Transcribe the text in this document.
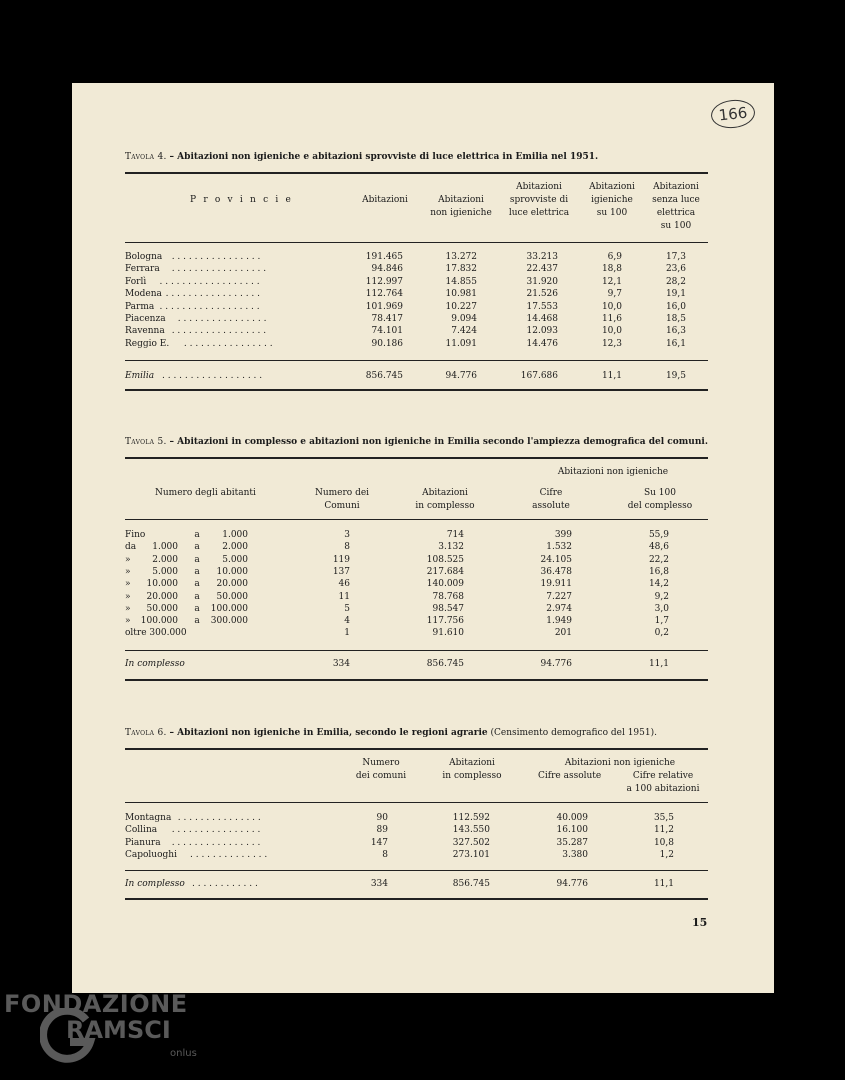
166
Tavola 4. – Abitazioni non igieniche e abitazioni sprovviste di luce elettrica in Emilia nel 1951.
P r o v i n c i e	Abitazioni	Abitazioni
non igieniche
Abitazioni
sprovviste di
luce elettrica
Abitazioni
igieniche
su 100
Abitazioni
senza luce
elettrica
su 100
Bologna . . . . . . . . . . . . . . . .	191.465	13.272	33.213	6,9	17,3
Ferrara . . . . . . . . . . . . . . . . .	94.846	17.832	22.437	18,8	23,6
Forlì . . . . . . . . . . . . . . . . . .	112.997	14.855	31.920	12,1	28,2
Modena . . . . . . . . . . . . . . . . .	112.764	10.981	21.526	9,7	19,1
Parma . . . . . . . . . . . . . . . . . .	101.969	10.227	17.553	10,0	16,0
Piacenza . . . . . . . . . . . . . . . .	78.417	9.094	14.468	11,6	18,5
Ravenna . . . . . . . . . . . . . . . . .	74.101	7.424	12.093	10,0	16,3
Reggio E. . . . . . . . . . . . . . . . .	90.186	11.091	14.476	12,3	16,1
Emilia . . . . . . . . . . . . . . . . . .	856.745	94.776	167.686	11,1	19,5
Tavola 5. – Abitazioni in complesso e abitazioni non igieniche in Emilia secondo l'ampiezza demografica del comuni.
Abitazioni non igieniche
Numero degli abitanti	Numero dei
Comuni
Abitazioni
in complesso
Cifre
assolute
Su 100
del complesso
Fino	a	1.000	3	714	399	55,9
da	1.000	a	2.000	8	3.132	1.532	48,6
»	2.000	a	5.000	119	108.525	24.105	22,2
»	5.000	a	10.000	137	217.684	36.478	16,8
»	10.000	a	20.000	46	140.009	19.911	14,2
»	20.000	a	50.000	11	78.768	7.227	9,2
»	50.000	a	100.000	5	98.547	2.974	3,0
»	100.000	a	300.000	4	117.756	1.949	1,7
oltre 300.000	1	91.610	201	0,2
In complesso	334	856.745	94.776	11,1
Tavola 6. – Abitazioni non igieniche in Emilia, secondo le regioni agrarie (Censimento demografico del 1951).
Numero
dei comuni
Abitazioni
in complesso
Abitazioni non igieniche
Cifre assolute	Cifre relative
a 100 abitazioni
Montagna . . . . . . . . . . . . . . .	90	112.592	40.009	35,5
Collina . . . . . . . . . . . . . . . .	89	143.550	16.100	11,2
Pianura . . . . . . . . . . . . . . . .	147	327.502	35.287	10,8
Capoluoghi . . . . . . . . . . . . . .	8	273.101	3.380	1,2
In complesso . . . . . . . . . . . .	334	856.745	94.776	11,1
15
FONDAZIONE
RAMSCI
onlus
